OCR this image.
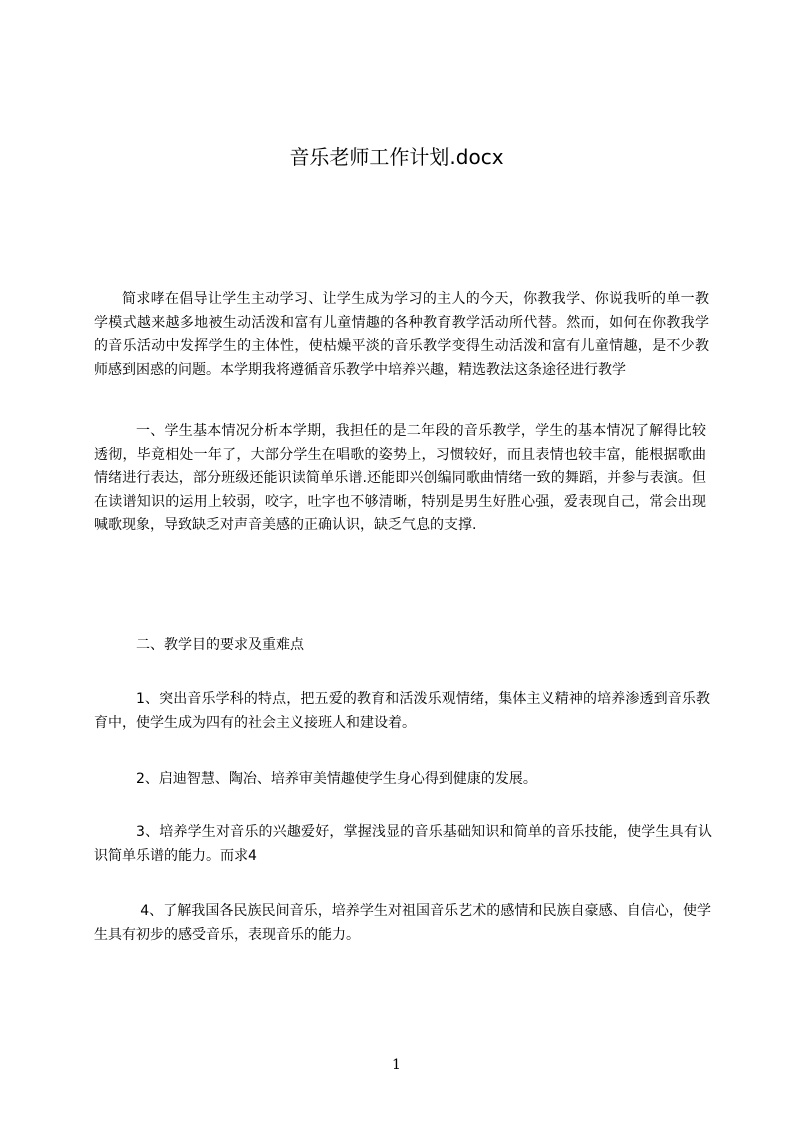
音乐老师工作计划.docx

简求哮在倡导让学生主动学习、让学生成为学习的主人的今天，你教我学、你说我听的单一教学模式越来越多地被生动活泼和富有儿童情趣的各种教育教学活动所代替。然而，如何在你教我学的音乐活动中发挥学生的主体性，使枯燥平淡的音乐教学变得生动活泼和富有儿童情趣，是不少教师感到困惑的问题。本学期我将遵循音乐教学中培养兴趣，精选教法这条途径进行教学

一、学生基本情况分析本学期，我担任的是二年段的音乐教学，学生的基本情况了解得比较透彻，毕竟相处一年了，大部分学生在唱歌的姿势上，习惯较好，而且表情也较丰富，能根据歌曲情绪进行表达，部分班级还能识读简单乐谱.还能即兴创编同歌曲情绪一致的舞蹈，并参与表演。但在读谱知识的运用上较弱，咬字，吐字也不够清晰，特别是男生好胜心强，爱表现自己，常会出现喊歌现象，导致缺乏对声音美感的正确认识，缺乏气息的支撑.

二、教学目的要求及重难点

1、突出音乐学科的特点，把五爱的教育和活泼乐观情绪，集体主义精神的培养渗透到音乐教育中，使学生成为四有的社会主义接班人和建设着。

2、启迪智慧、陶冶、培养审美情趣使学生身心得到健康的发展。

3、培养学生对音乐的兴趣爱好，掌握浅显的音乐基础知识和简单的音乐技能，使学生具有认识简单乐谱的能力。而求4

4、了解我国各民族民间音乐，培养学生对祖国音乐艺术的感情和民族自豪感、自信心，使学生具有初步的感受音乐，表现音乐的能力。

1
